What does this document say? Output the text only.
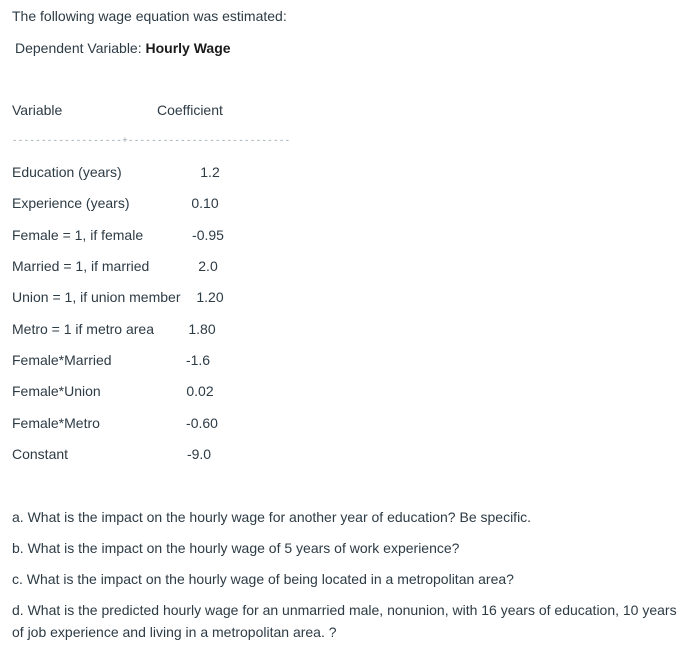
The following wage equation was estimated:
Dependent Variable: Hourly Wage
Variable	Coefficient
-------------------+----------------------------
Education (years)	1.2
Experience (years)	0.10
Female = 1, if female	-0.95
Married = 1, if married	2.0
Union = 1, if union member	1.20
Metro = 1 if metro area	1.80
Female*Married	-1.6
Female*Union	0.02
Female*Metro	-0.60
Constant	-9.0
a. What is the impact on the hourly wage for another year of education? Be specific.
b. What is the impact on the hourly wage of 5 years of work experience?
c. What is the impact on the hourly wage of being located in a metropolitan area?
d. What is the predicted hourly wage for an unmarried male, nonunion, with 16 years of education, 10 years of job experience and living in a metropolitan area. ?
